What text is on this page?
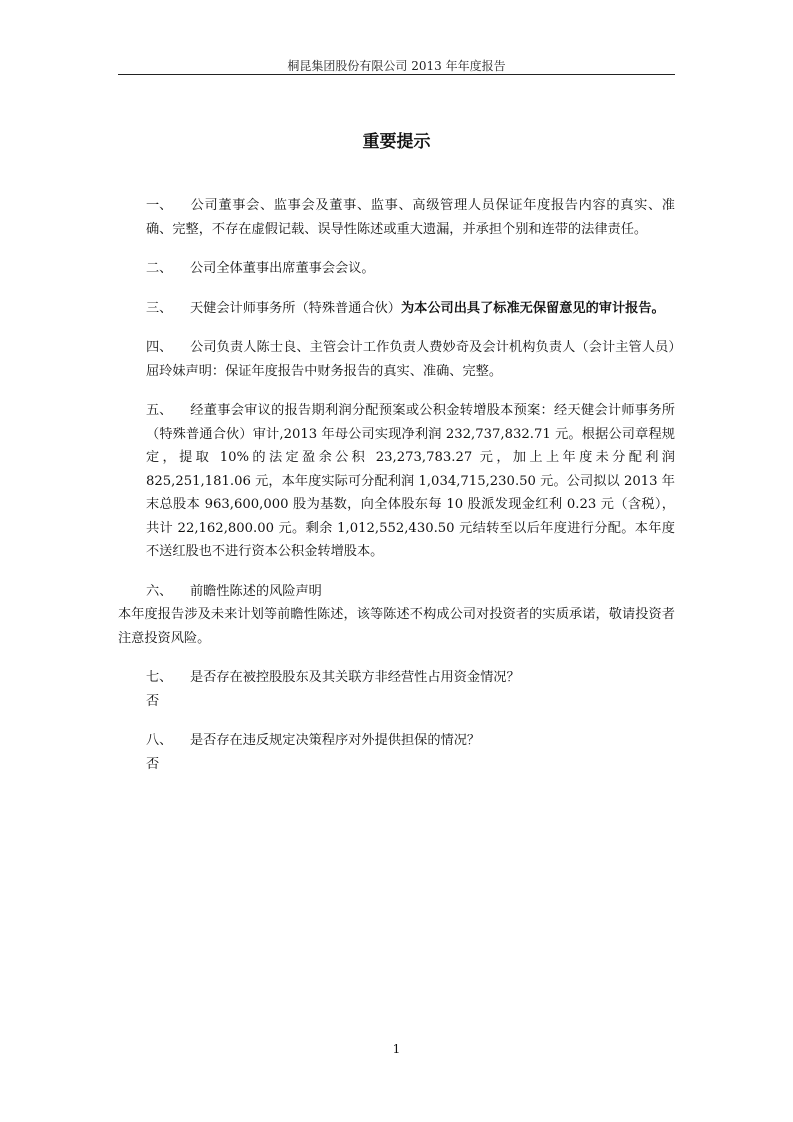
桐昆集团股份有限公司 2013 年年度报告
重要提示

一、 公司董事会、监事会及董事、监事、高级管理人员保证年度报告内容的真实、准确、完整，不存在虚假记载、误导性陈述或重大遗漏，并承担个别和连带的法律责任。

二、 公司全体董事出席董事会会议。

三、 天健会计师事务所（特殊普通合伙）为本公司出具了标准无保留意见的审计报告。

四、 公司负责人陈士良、主管会计工作负责人费妙奇及会计机构负责人（会计主管人员）屈玲妹声明：保证年度报告中财务报告的真实、准确、完整。

五、 经董事会审议的报告期利润分配预案或公积金转增股本预案：经天健会计师事务所（特殊普通合伙）审计,2013 年母公司实现净利润 232,737,832.71 元。根据公司章程规定，提取 10%的法定盈余公积 23,273,783.27 元，加上上年度未分配利润 825,251,181.06 元，本年度实际可分配利润 1,034,715,230.50 元。公司拟以 2013 年末总股本 963,600,000 股为基数，向全体股东每 10 股派发现金红利 0.23 元（含税），共计 22,162,800.00 元。剩余 1,012,552,430.50 元结转至以后年度进行分配。本年度不送红股也不进行资本公积金转增股本。

六、 前瞻性陈述的风险声明
本年度报告涉及未来计划等前瞻性陈述，该等陈述不构成公司对投资者的实质承诺，敬请投资者注意投资风险。
七、 是否存在被控股股东及其关联方非经营性占用资金情况？
否
八、 是否存在违反规定决策程序对外提供担保的情况？
否
1
